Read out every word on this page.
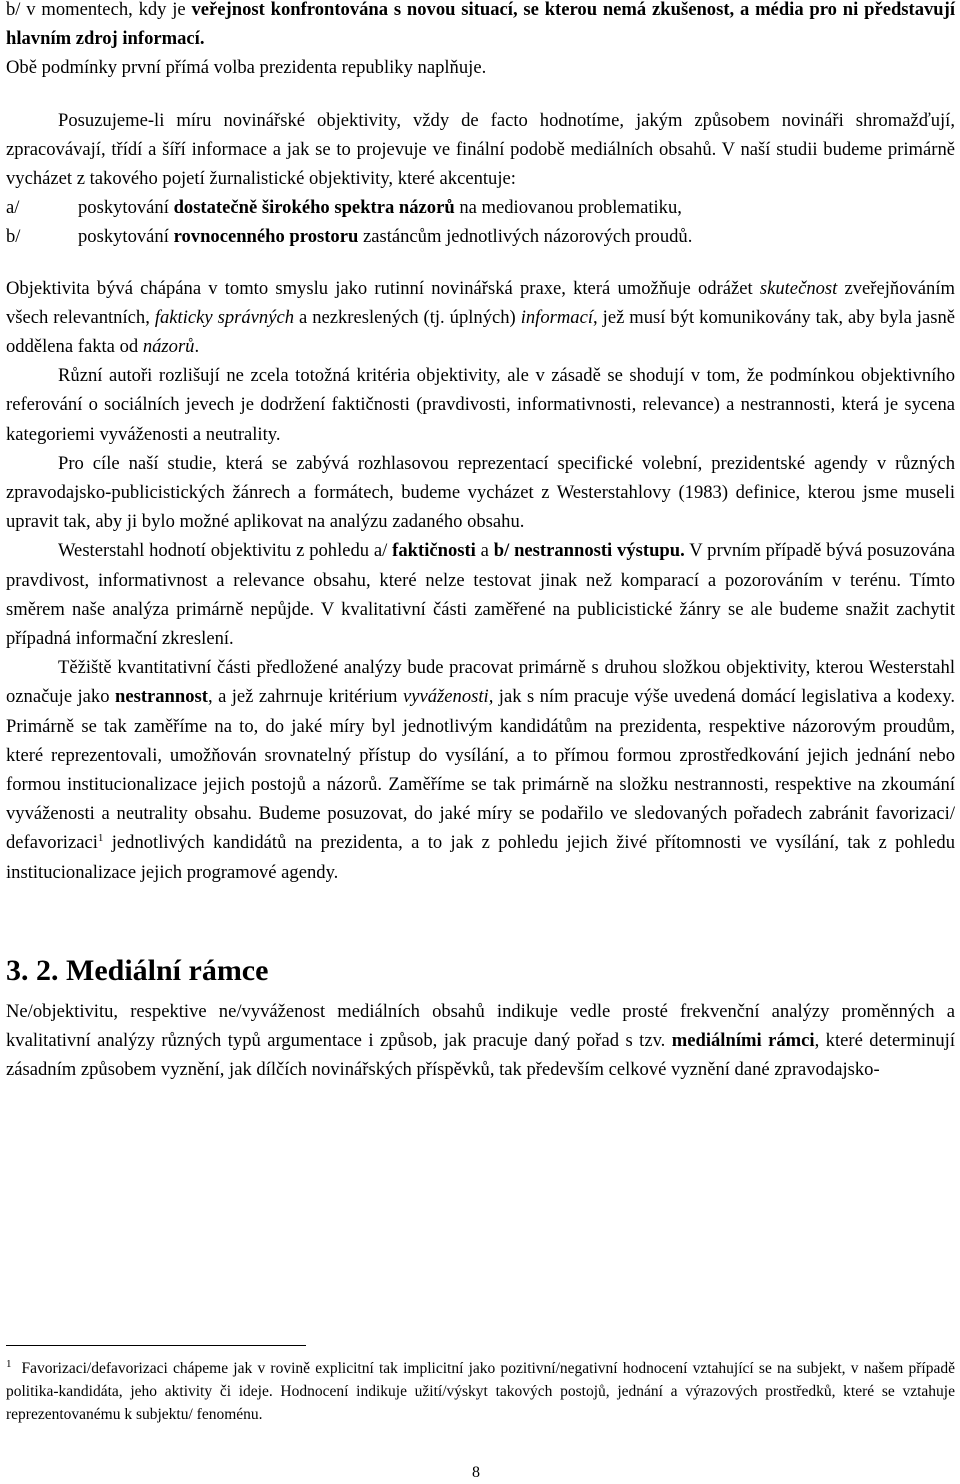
b/ v momentech, kdy je veřejnost konfrontována s novou situací, se kterou nemá zkušenost, a média pro ni představují hlavním zdroj informací.
Obě podmínky první přímá volba prezidenta republiky naplňuje.

Posuzujeme-li míru novinářské objektivity, vždy de facto hodnotíme, jakým způsobem novináři shromažďují, zpracovávají, třídí a šíří informace a jak se to projevuje ve finální podobě mediálních obsahů. V naší studii budeme primárně vycházet z takového pojetí žurnalistické objektivity, které akcentuje:

a/	poskytování dostatečně širokého spektra názorů na mediovanou problematiku,

b/	poskytování rovnocenného prostoru zastáncům jednotlivých názorových proudů.

Objektivita bývá chápána v tomto smyslu jako rutinní novinářská praxe, která umožňuje odrážet skutečnost zveřejňováním všech relevantních, fakticky správných a nezkreslených (tj. úplných) informací, jež musí být komunikovány tak, aby byla jasně oddělena fakta od názorů.

Různí autoři rozlišují ne zcela totožná kritéria objektivity, ale v zásadě se shodují v tom, že podmínkou objektivního referování o sociálních jevech je dodržení faktičnosti (pravdivosti, informativnosti, relevance) a nestrannosti, která je sycena kategoriemi vyváženosti a neutrality.

Pro cíle naší studie, která se zabývá rozhlasovou reprezentací specifické volební, prezidentské agendy v různých zpravodajsko-publicistických žánrech a formátech, budeme vycházet z Westerstahlovy (1983) definice, kterou jsme museli upravit tak, aby ji bylo možné aplikovat na analýzu zadaného obsahu.

Westerstahl hodnotí objektivitu z pohledu a/ faktičnosti a b/ nestrannosti výstupu. V prvním případě bývá posuzována pravdivost, informativnost a relevance obsahu, které nelze testovat jinak než komparací a pozorováním v terénu. Tímto směrem naše analýza primárně nepůjde. V kvalitativní části zaměřené na publicistické žánry se ale budeme snažit zachytit případná informační zkreslení.

Těžiště kvantitativní části předložené analýzy bude pracovat primárně s druhou složkou objektivity, kterou Westerstahl označuje jako nestrannost, a jež zahrnuje kritérium vyváženosti, jak s ním pracuje výše uvedená domácí legislativa a kodexy. Primárně se tak zaměříme na to, do jaké míry byl jednotlivým kandidátům na prezidenta, respektive názorovým proudům, které reprezentovali, umožňován srovnatelný přístup do vysílání, a to přímou formou zprostředkování jejich jednání nebo formou institucionalizace jejich postojů a názorů. Zaměříme se tak primárně na složku nestrannosti, respektive na zkoumání vyváženosti a neutrality obsahu. Budeme posuzovat, do jaké míry se podařilo ve sledovaných pořadech zabránit favorizaci/ defavorizaci$^1$ jednotlivých kandidátů na prezidenta, a to jak z pohledu jejich živé přítomnosti ve vysílání, tak z pohledu institucionalizace jejich programové agendy.

3. 2. Mediální rámce

Ne/objektivitu, respektive ne/vyváženost mediálních obsahů indikuje vedle prosté frekvenční analýzy proměnných a kvalitativní analýzy různých typů argumentace i způsob, jak pracuje daný pořad s tzv. mediálními rámci, které determinují zásadním způsobem vyznění, jak dílčích novinářských příspěvků, tak především celkové vyznění dané zpravodajsko-

$^1$ Favorizaci/defavorizaci chápeme jak v rovině explicitní tak implicitní jako pozitivní/negativní hodnocení vztahující se na subjekt, v našem případě politika-kandidáta, jeho aktivity či ideje. Hodnocení indikuje užití/výskyt takových postojů, jednání a výrazových prostředků, které se vztahuje reprezentovanému k subjektu/ fenoménu.
8
